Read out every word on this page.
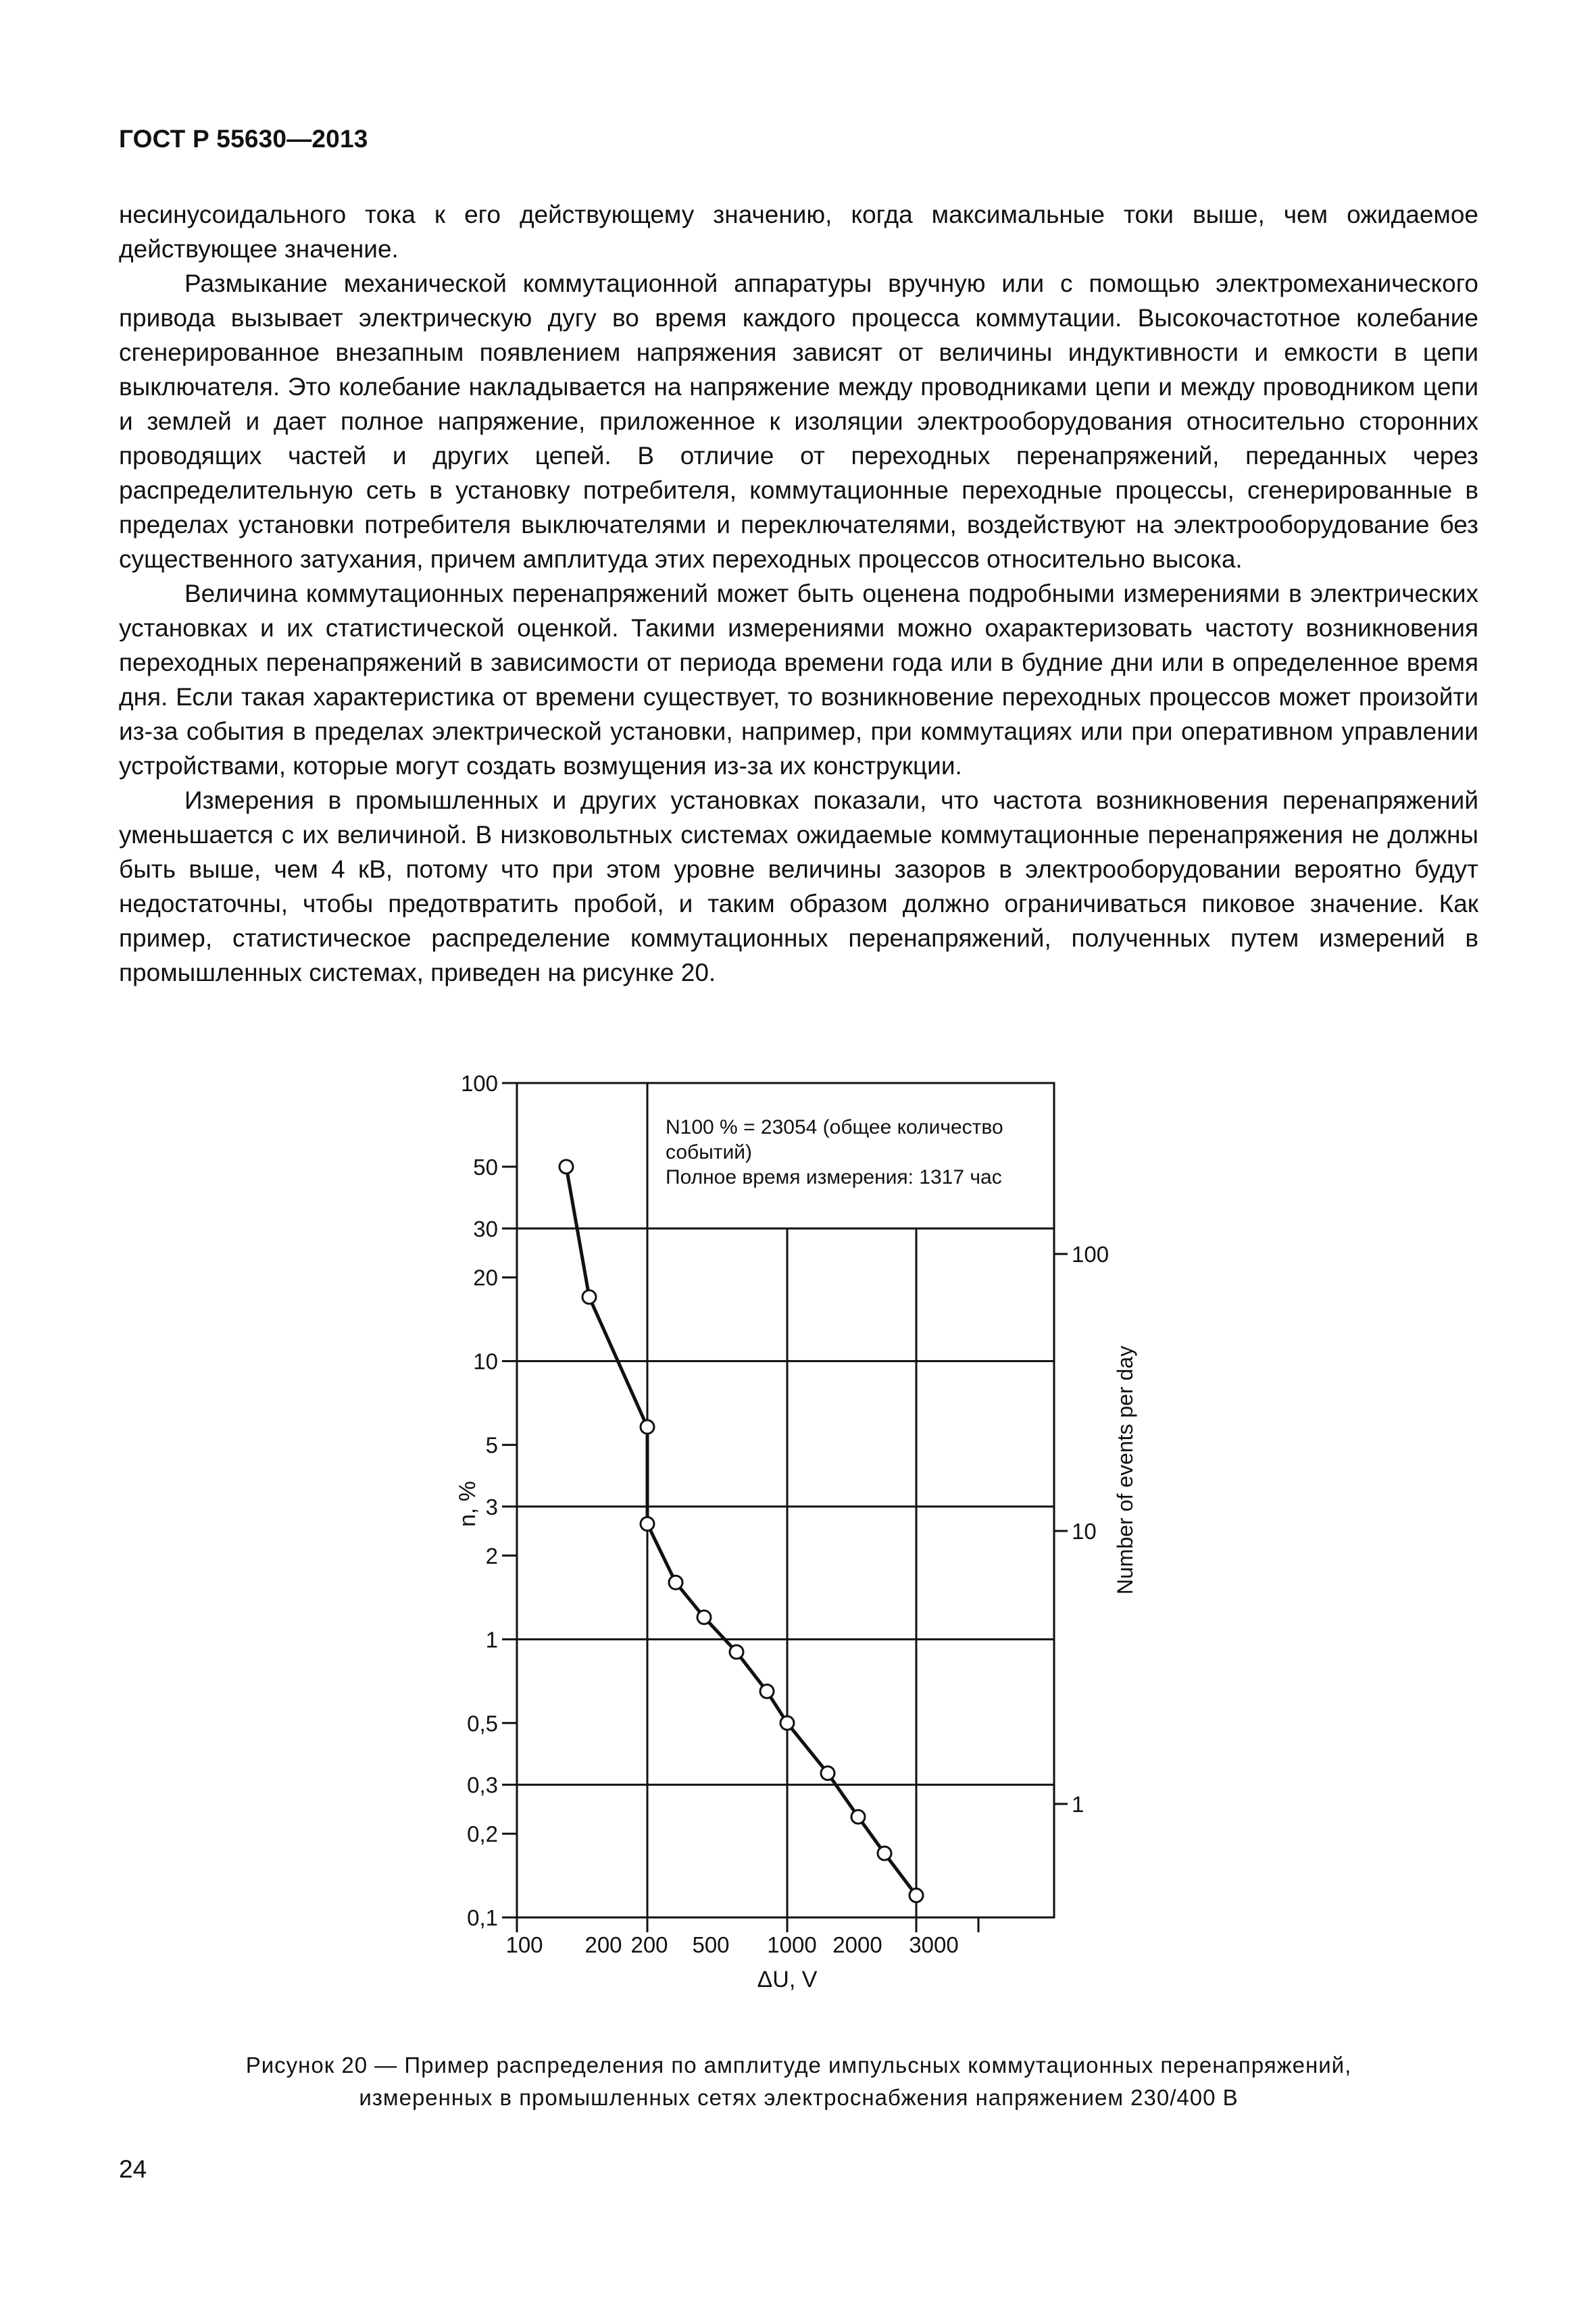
ГОСТ Р 55630—2013

несинусоидального тока к его действующему значению, когда максимальные токи выше, чем ожидаемое действующее значение.

Размыкание механической коммутационной аппаратуры вручную или с помощью электромеханического привода вызывает электрическую дугу во время каждого процесса коммутации. Высокочастотное колебание сгенерированное внезапным появлением напряжения зависят от величины индуктивности и емкости в цепи выключателя. Это колебание накладывается на напряжение между проводниками цепи и между проводником цепи и землей и дает полное напряжение, приложенное к изоляции электрооборудования относительно сторонних проводящих частей и других цепей. В отличие от переходных перенапряжений, переданных через распределительную сеть в установку потребителя, коммутационные переходные процессы, сгенерированные в пределах установки потребителя выключателями и переключателями, воздействуют на электрооборудование без существенного затухания, причем амплитуда этих переходных процессов относительно высока.

Величина коммутационных перенапряжений может быть оценена подробными измерениями в электрических установках и их статистической оценкой. Такими измерениями можно охарактеризовать частоту возникновения переходных перенапряжений в зависимости от периода времени года или в будние дни или в определенное время дня. Если такая характеристика от времени существует, то возникновение переходных процессов может произойти из-за события в пределах электрической установки, например, при коммутациях или при оперативном управлении устройствами, которые могут создать возмущения из-за их конструкции.

Измерения в промышленных и других установках показали, что частота возникновения перенапряжений уменьшается с их величиной. В низковольтных системах ожидаемые коммутационные перенапряжения не должны быть выше, чем 4 кВ, потому что при этом уровне величины зазоров в электрооборудовании вероятно будут недостаточны, чтобы предотвратить пробой, и таким образом должно ограничиваться пиковое значение. Как пример, статистическое распределение коммутационных перенапряжений, полученных путем измерений в промышленных системах, приведен на рисунке 20.

100
50
30
20
10
5
3
2
1
0,5
0,3
0,2
0,1
100
10
1
100 200 200 500 1000 2000 3000
ΔU, V
n, %	Number of events per day
N100 % = 23054 (общее количество
событий)
Полное время измерения: 1317 час
Рисунок 20 — Пример распределения по амплитуде импульсных коммутационных перенапряжений,
измеренных в промышленных сетях электроснабжения напряжением 230/400 В
24
